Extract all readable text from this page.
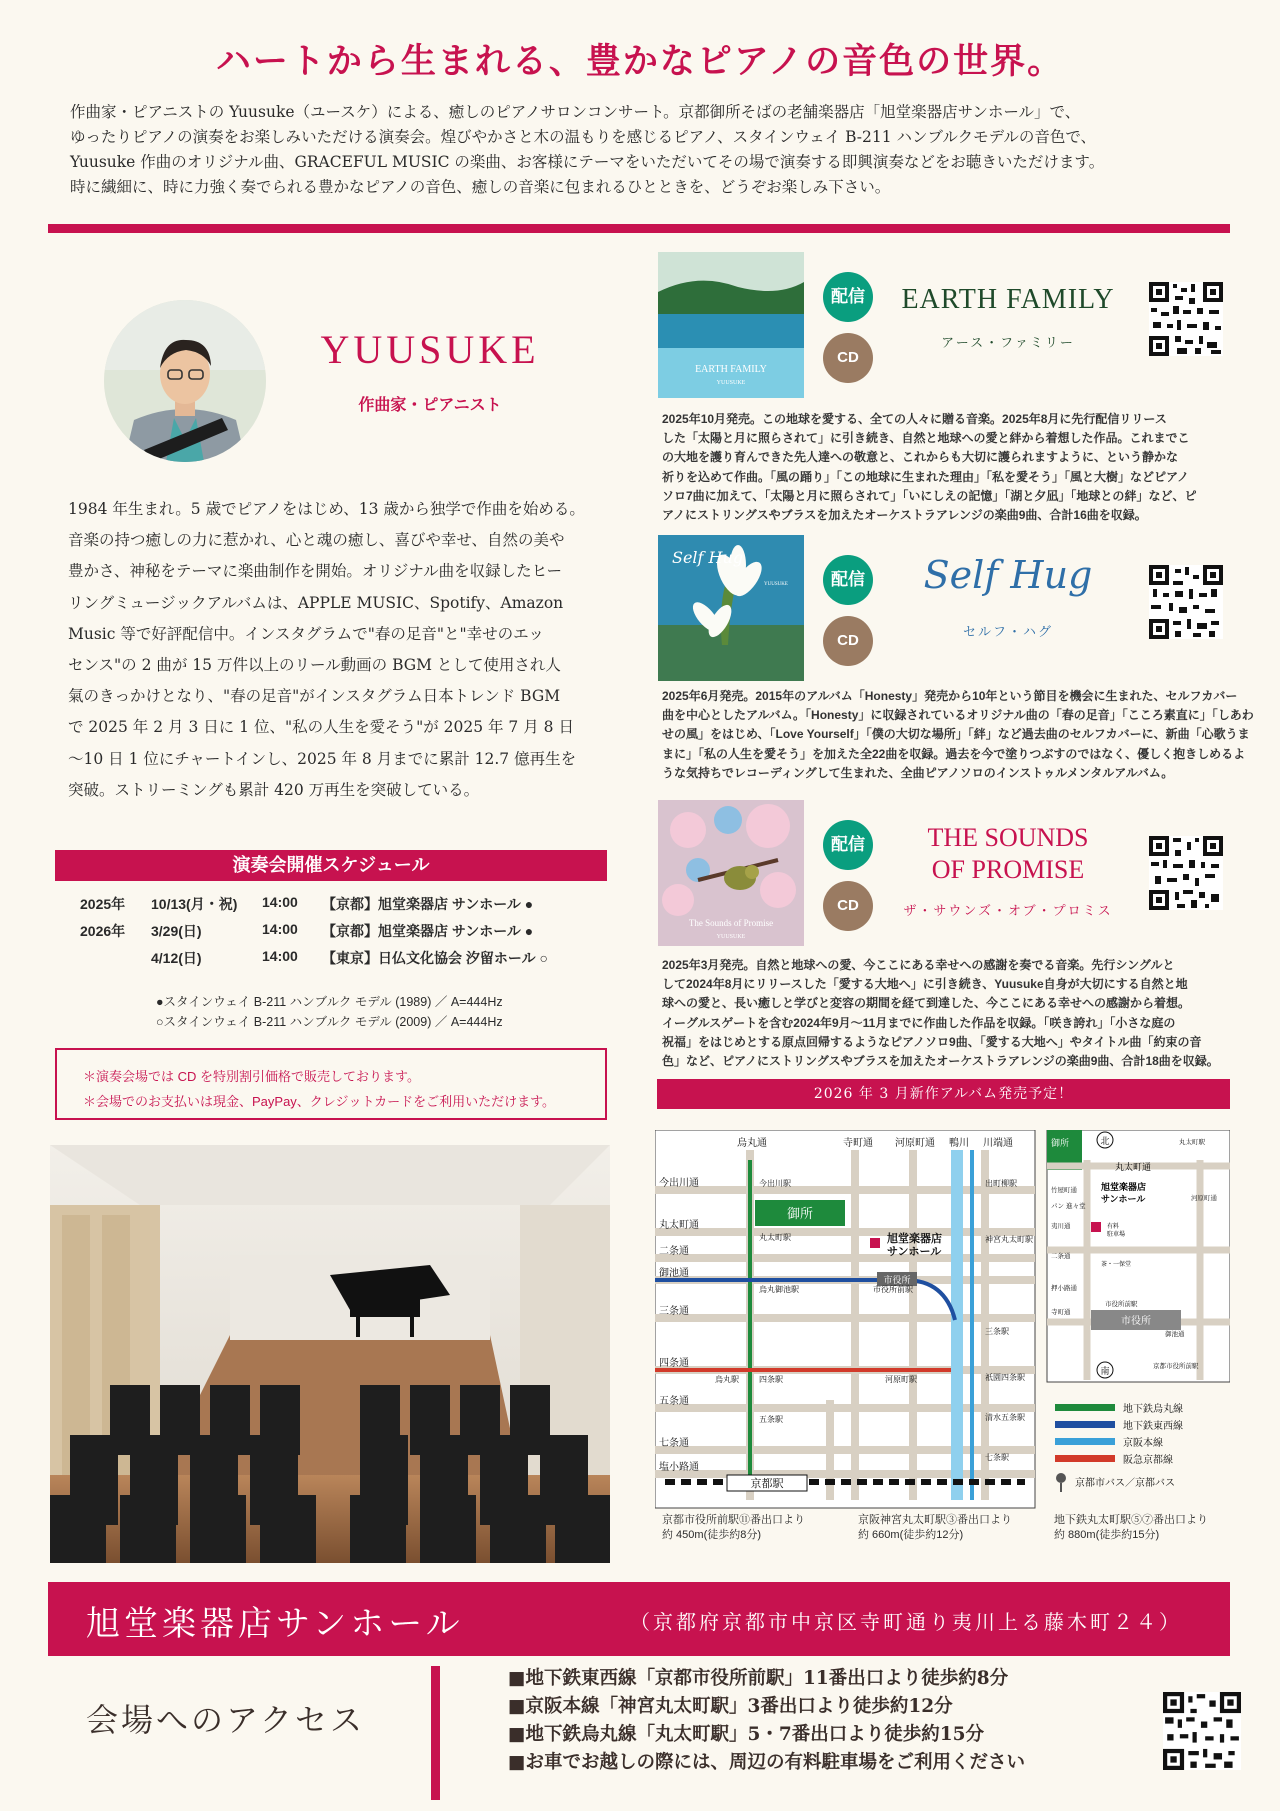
ハートから生まれる、豊かなピアノの音色の世界。

作曲家・ピアニストの Yuusuke（ユースケ）による、癒しのピアノサロンコンサート。京都御所そばの老舗楽器店「旭堂楽器店サンホール」で、

ゆったりピアノの演奏をお楽しみいただける演奏会。煌びやかさと木の温もりを感じるピアノ、スタインウェイ B-211 ハンブルクモデルの音色で、

Yuusuke 作曲のオリジナル曲、GRACEFUL MUSIC の楽曲、お客様にテーマをいただいてその場で演奏する即興演奏などをお聴きいただけます。

時に繊細に、時に力強く奏でられる豊かなピアノの音色、癒しの音楽に包まれるひとときを、どうぞお楽しみ下さい。

YUUSUKE
作曲家・ピアニスト

1984 年生まれ。5 歳でピアノをはじめ、13 歳から独学で作曲を始める。

音楽の持つ癒しの力に惹かれ、心と魂の癒し、喜びや幸せ、自然の美や

豊かさ、神秘をテーマに楽曲制作を開始。オリジナル曲を収録したヒー

リングミュージックアルバムは、APPLE MUSIC、Spotify、Amazon

Music 等で好評配信中。インスタグラムで"春の足音"と"幸せのエッ

センス"の 2 曲が 15 万件以上のリール動画の BGM として使用され人

氣のきっかけとなり、"春の足音"がインスタグラム日本トレンド BGM

で 2025 年 2 月 3 日に 1 位、"私の人生を愛そう"が 2025 年 7 月 8 日

〜10 日 1 位にチャートインし、2025 年 8 月までに累計 12.7 億再生を

突破。ストリーミングも累計 420 万再生を突破している。

演奏会開催スケジュール
2025年 10/13(月・祝) 14:00 【京都】旭堂楽器店 サンホール ●
2026年 3/29(日)	14:00 【京都】旭堂楽器店 サンホール ●
4/12(日)	14:00 【東京】日仏文化協会 汐留ホール ○
●スタインウェイ B-211 ハンブルク モデル (1989) ／ A=444Hz
○スタインウェイ B-211 ハンブルク モデル (2009) ／ A=444Hz
＊演奏会場では CD を特別割引価格で販売しております。
＊会場でのお支払いは現金、PayPay、クレジットカードをご利用いただけます。
EARTH FAMILY
YUUSUKE
配信
CD
EARTH FAMILY
アース・ファミリー
2025年10月発売。この地球を愛する、全ての人々に贈る音楽。2025年8月に先行配信リリース
した「太陽と月に照らされて」に引き続き、自然と地球への愛と絆から着想した作品。これまでこ
の大地を護り育んできた先人達への敬意と、これからも大切に護られますように、という静かな
祈りを込めて作曲。「風の踊り」「この地球に生まれた理由」「私を愛そう」「風と大樹」などピアノ
ソロ7曲に加えて、「太陽と月に照らされて」「いにしえの記憶」「湖と夕凪」「地球との絆」など、ピ
アノにストリングスやブラスを加えたオーケストラアレンジの楽曲9曲、合計16曲を収録。
Self Hug
YUUSUKE	配信
CD
Self Hug
セルフ・ハグ
2025年6月発売。2015年のアルバム「Honesty」発売から10年という節目を機会に生まれた、セルフカバー
曲を中心としたアルバム。「Honesty」に収録されているオリジナル曲の「春の足音」「こころ素直に」「しあわ
せの風」をはじめ、「Love Yourself」「僕の大切な場所」「絆」など過去曲のセルフカバーに、新曲「心歌うま
まに」「私の人生を愛そう」を加えた全22曲を収録。過去を今で塗りつぶすのではなく、優しく抱きしめるよ
うな気持ちでレコーディングして生まれた、全曲ピアノソロのインストゥルメンタルアルバム。
The Sounds of Promise
YUUSUKE
配信
CD
THE SOUNDS
OF PROMISE
ザ・サウンズ・オブ・プロミス
2025年3月発売。自然と地球への愛、今ここにある幸せへの感謝を奏でる音楽。先行シングルと
して2024年8月にリリースした「愛する大地へ」に引き続き、Yuusuke自身が大切にする自然と地
球への愛と、長い癒しと学びと変容の期間を経て到達した、今ここにある幸せへの感謝から着想。
イーグルスゲートを含む2024年9月〜11月までに作曲した作品を収録。「咲き誇れ」「小さな庭の
祝福」をはじめとする原点回帰するようなピアノソロ9曲、「愛する大地へ」やタイトル曲「約束の音
色」など、ピアノにストリングスやブラスを加えたオーケストラアレンジの楽曲9曲、合計18曲を収録。
2026 年 3 月新作アルバム発売予定！
御所
京都駅
旭堂楽器店
サンホール
市役所
今出川通
丸太町通
二条通
御池通
三条通
四条通
五条通
七条通
塩小路通
烏丸通	寺町通 河原町通 鴨川 川端通
今出川駅
丸太町駅
烏丸御池駅	市役所前駅
四条駅
烏丸駅	河原町駅
五条駅
出町柳駅
神宮丸太町駅
三条駅
祇園四条駅
清水五条駅
七条駅
御所	北
丸太町通
旭堂楽器店
サンホール
有料
駐車場
茶・一保堂
市役所
南
竹屋町通
パン 進々堂
夷川通
二条通
押小路通
御池通
市役所前駅
寺町通
河原町通
丸太町駅
京都市役所前駅
地下鉄烏丸線
地下鉄東西線
京阪本線
阪急京都線
京都市バス／京都バス
京都市役所前駅⑪番出口より
約 450m(徒歩約8分)
京阪神宮丸太町駅③番出口より
約 660m(徒歩約12分)
地下鉄丸太町駅⑤⑦番出口より
約 880m(徒歩約15分)
旭堂楽器店サンホール	（京都府京都市中京区寺町通り夷川上る藤木町２４）
会場へのアクセス
■地下鉄東西線「京都市役所前駅」11番出口より徒歩約8分
■京阪本線「神宮丸太町駅」3番出口より徒歩約12分
■地下鉄烏丸線「丸太町駅」5・7番出口より徒歩約15分
■お車でお越しの際には、周辺の有料駐車場をご利用ください
